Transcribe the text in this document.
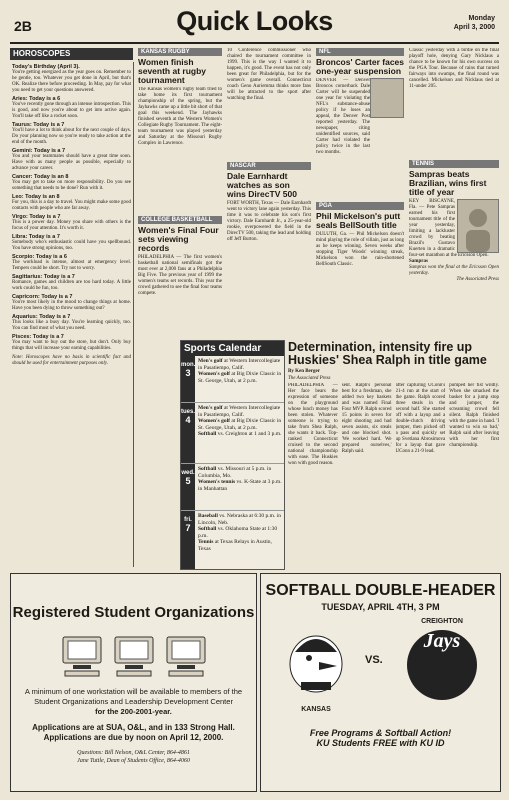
2B	Quick Looks	Monday
April 3, 2000
HOROSCOPES
Today's Birthday (April 3).
You're getting energized as the year goes on. Remember to be gentle, too. Whatever you get done in April, but that's OK. Realize there before proceeding. In May, pay for what you need to get your questions answered.
Aries: Today is a 6
You've recently gone through an intense introspection. This is good, and now you're about to get into active again. You'll take off like a rocket soon.
Taurus: Today is a 7
You'll have a lot to think about for the next couple of days. Do your planning now so you're ready to take action at the end of the month.
Gemini: Today is a 7
You and your teammates should have a great time soon. Have with as many people as possible, especially to advance your career.
Cancer: Today is an 8
You may get to take on more responsibility. Do you see something that needs to be done? Run with it.
Leo: Today is an 8
For you, this is a day to travel. You might make some good contacts with people who are far away.
Virgo: Today is a 7
This is a power day. Money you share with others is the focus of your attention. It's worth it.
Libra: Today is a 7
Somebody who's enthusiastic could have you spellbound. You have strong opinions, too.
Scorpio: Today is a 6
The workload is intense, almost at emergency level. Tempers could be short. Try not to worry.
Sagittarius: Today is a 7
Romance, games and children are too hard today. A little work could be fun, too.
Capricorn: Today is a 7
You're most likely in the mood to change things at home. Have you been dying to throw something out?
Aquarius: Today is a 7
This looks like a busy day. You're learning quickly, too. You can find most of what you need.
Pisces: Today is a 7
You may want to buy out the store, but don't. Only buy things that will increase your earning capabilities.
Note: Horoscopes have no basis in scientific fact and should be used for entertainment purposes only.
KANSAS RUGBY
Women finish seventh at rugby tournament
The Kansas women's rugby team tried to take home its first tournament championship of the spring, but the Jayhawks came up a little bit short of that goal this weekend. The Jayhawks finished seventh at the Western Women's Collegiate Rugby Tournament. The eight-team tournament was played yesterday and Saturday at the Missouri Rugby Complex in Lawrence.
COLLEGE BASKETBALL
Women's Final Four sets viewing records
PHILADELPHIA — The first women's basketball national semifinals got the most ever at 2,000 fans at a Philadelphia Big Five. The previous year of 1999 the women's teams set records. This year the crowd gathered to see the final four teams compete.
10 Conference commissioner who chaired the tournament committee in 1999. This is the way I wanted it to happen, it's good. The event has not only been great for Philadelphia, but for the women's game overall. Connecticut coach Geno Auriemma thinks more fans will be attracted to the sport after watching the final.
NASCAR
Dale Earnhardt watches as son wins DirecTV 500
FORT WORTH, Texas — Dale Earnhardt went to victory lane again yesterday. This time it was to celebrate his son's first victory. Dale Earnhardt Jr., a 25-year-old rookie, overpowered the field in the DirecTV 500, taking the lead and holding off Jeff Burton.
NFL
Broncos' Carter faces one-year suspension
DENVER — Denver Broncos cornerback Dale Carter will be suspended one year for violating the NFL's substance-abuse policy if he loses an appeal, the Denver Post reported yesterday. The newspaper, citing unidentified sources, said Carter had violated the policy twice in the last two months.
PGA
Phil Mickelson's putt seals BellSouth title
DULUTH, Ga. — Phil Mickelson doesn't mind playing the role of villain, just as long as he keeps winning. Seven weeks after stopping Tiger Woods' winning streak, Mickelson won the rain-shortened BellSouth Classic.
Classic yesterday with a birdie on the final playoff hole, denying Gary Nicklaus a chance to be known for his own success on the PGA Tour. Because of rains that turned fairways into swamps, the final round was cancelled. Mickelson and Nicklaus tied at 11-under 205.
TENNIS
Sampras beats Brazilian, wins first title of year
KEY BISCAYNE, Fla. — Pete Sampras earned his first tournament title of the year yesterday, limiting a lackluster crowd by beating Brazil's Gustavo Kuerten in a dramatic four-set marathon at the Ericsson Open.
Sampras
Sampras won the final at the Ericsson Open yesterday.
The Associated Press
Sports Calendar
mon.
3
Men's golf at Western Intercollegiate in Pasatiempo, Calif.
Women's golf at Big Dixie Classic in St. George, Utah, at 2 p.m.
tues.
4
Men's golf at Western Intercollegiate in Pasatiempo, Calif.
Women's golf at Big Dixie Classic in St. George, Utah, at 2 p.m.
Softball vs. Creighton at 1 and 3 p.m.
wed.
5
Softball vs. Missouri at 5 p.m. in Columbia, Mo.
Women's tennis vs. K-State at 3 p.m. in Manhattan
fri.
7
Baseball vs. Nebraska at 6:30 p.m. in Lincoln, Neb.
Softball vs. Oklahoma State at 1:30 p.m.
Tennis at Texas Relays in Austin, Texas
Determination, intensity fire up Huskies' Shea Ralph in title game
By Ken Berger
The Associated Press
PHILADELPHIA — Her face bears the expression of someone on the playground whose lunch money has been stolen. Whatever someone is trying to take from Shea Ralph, she wants it back. Top-ranked Connecticut cruised to the second national championship with ease. The Huskies won with good reason.
sent. Ralph's personal best for a freshman, she added two key baskets and was named Final Four MVP. Ralph scored 15 points in seven for eight shooting and had seven assists, six steals and one blocked shot. 'We worked hard. We prepared ourselves,' Ralph said.
after capturing UConn's 21-4 run at the start of the game. Ralph scored three steals in the second half. She started off with a layup and a double-clutch driving jumper, then picked off a pass and quickly set up Svetlana Abrosimova for a layup that gave UConn a 21-9 lead.
pumped her fist wildly. When she smacked the basket for a jump stop and jumper, the screaming crowd fell silent. Ralph finished with the game in hand. 'I wanted to win so bad,' Ralph said after leaving with her first championship.
Registered Student Organizations
A minimum of one workstation will be available to members of the Student Organizations and Leadership Development Center
for the 200-2001-year.
Applications are at SUA, O&L, and in 133 Strong Hall.
Applications are due by noon on April 12, 2000.
Questions: Bill Nelson, O&L Center, 864-4861
Jane Tuttle, Dean of Students Office, 864-4060
SOFTBALL DOUBLE-HEADER
TUESDAY, APRIL 4TH, 3 PM
KANSAS
VS.
CREIGHTON
Jays
Free Programs & Softball Action!
KU Students FREE with KU ID
